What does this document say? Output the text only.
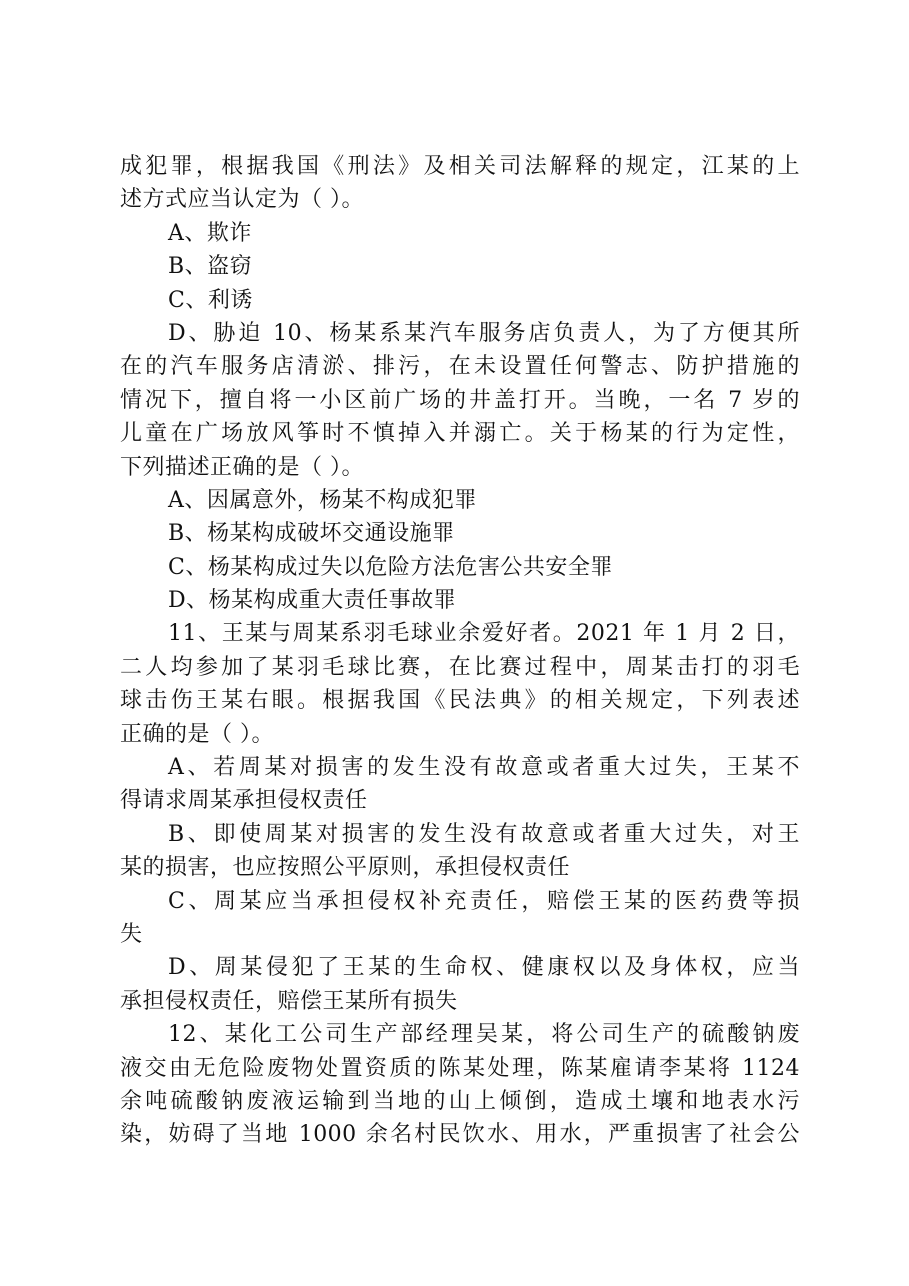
成犯罪，根据我国《刑法》及相关司法解释的规定，江某的上
述方式应当认定为（ ）。
A、欺诈
B、盗窃
C、利诱
D、胁迫 10、杨某系某汽车服务店负责人，为了方便其所
在的汽车服务店清淤、排污，在未设置任何警志、防护措施的
情况下，擅自将一小区前广场的井盖打开。当晚，一名 7 岁的
儿童在广场放风筝时不慎掉入并溺亡。关于杨某的行为定性，
下列描述正确的是（ ）。
A、因属意外，杨某不构成犯罪
B、杨某构成破坏交通设施罪
C、杨某构成过失以危险方法危害公共安全罪
D、杨某构成重大责任事故罪
11、王某与周某系羽毛球业余爱好者。2021 年 1 月 2 日，
二人均参加了某羽毛球比赛，在比赛过程中，周某击打的羽毛
球击伤王某右眼。根据我国《民法典》的相关规定，下列表述
正确的是（ ）。
A、若周某对损害的发生没有故意或者重大过失，王某不
得请求周某承担侵权责任
B、即使周某对损害的发生没有故意或者重大过失，对王
某的损害，也应按照公平原则，承担侵权责任
C、周某应当承担侵权补充责任，赔偿王某的医药费等损
失
D、周某侵犯了王某的生命权、健康权以及身体权，应当
承担侵权责任，赔偿王某所有损失
12、某化工公司生产部经理吴某，将公司生产的硫酸钠废
液交由无危险废物处置资质的陈某处理，陈某雇请李某将 1124
余吨硫酸钠废液运输到当地的山上倾倒，造成土壤和地表水污
染，妨碍了当地 1000 余名村民饮水、用水，严重损害了社会公
